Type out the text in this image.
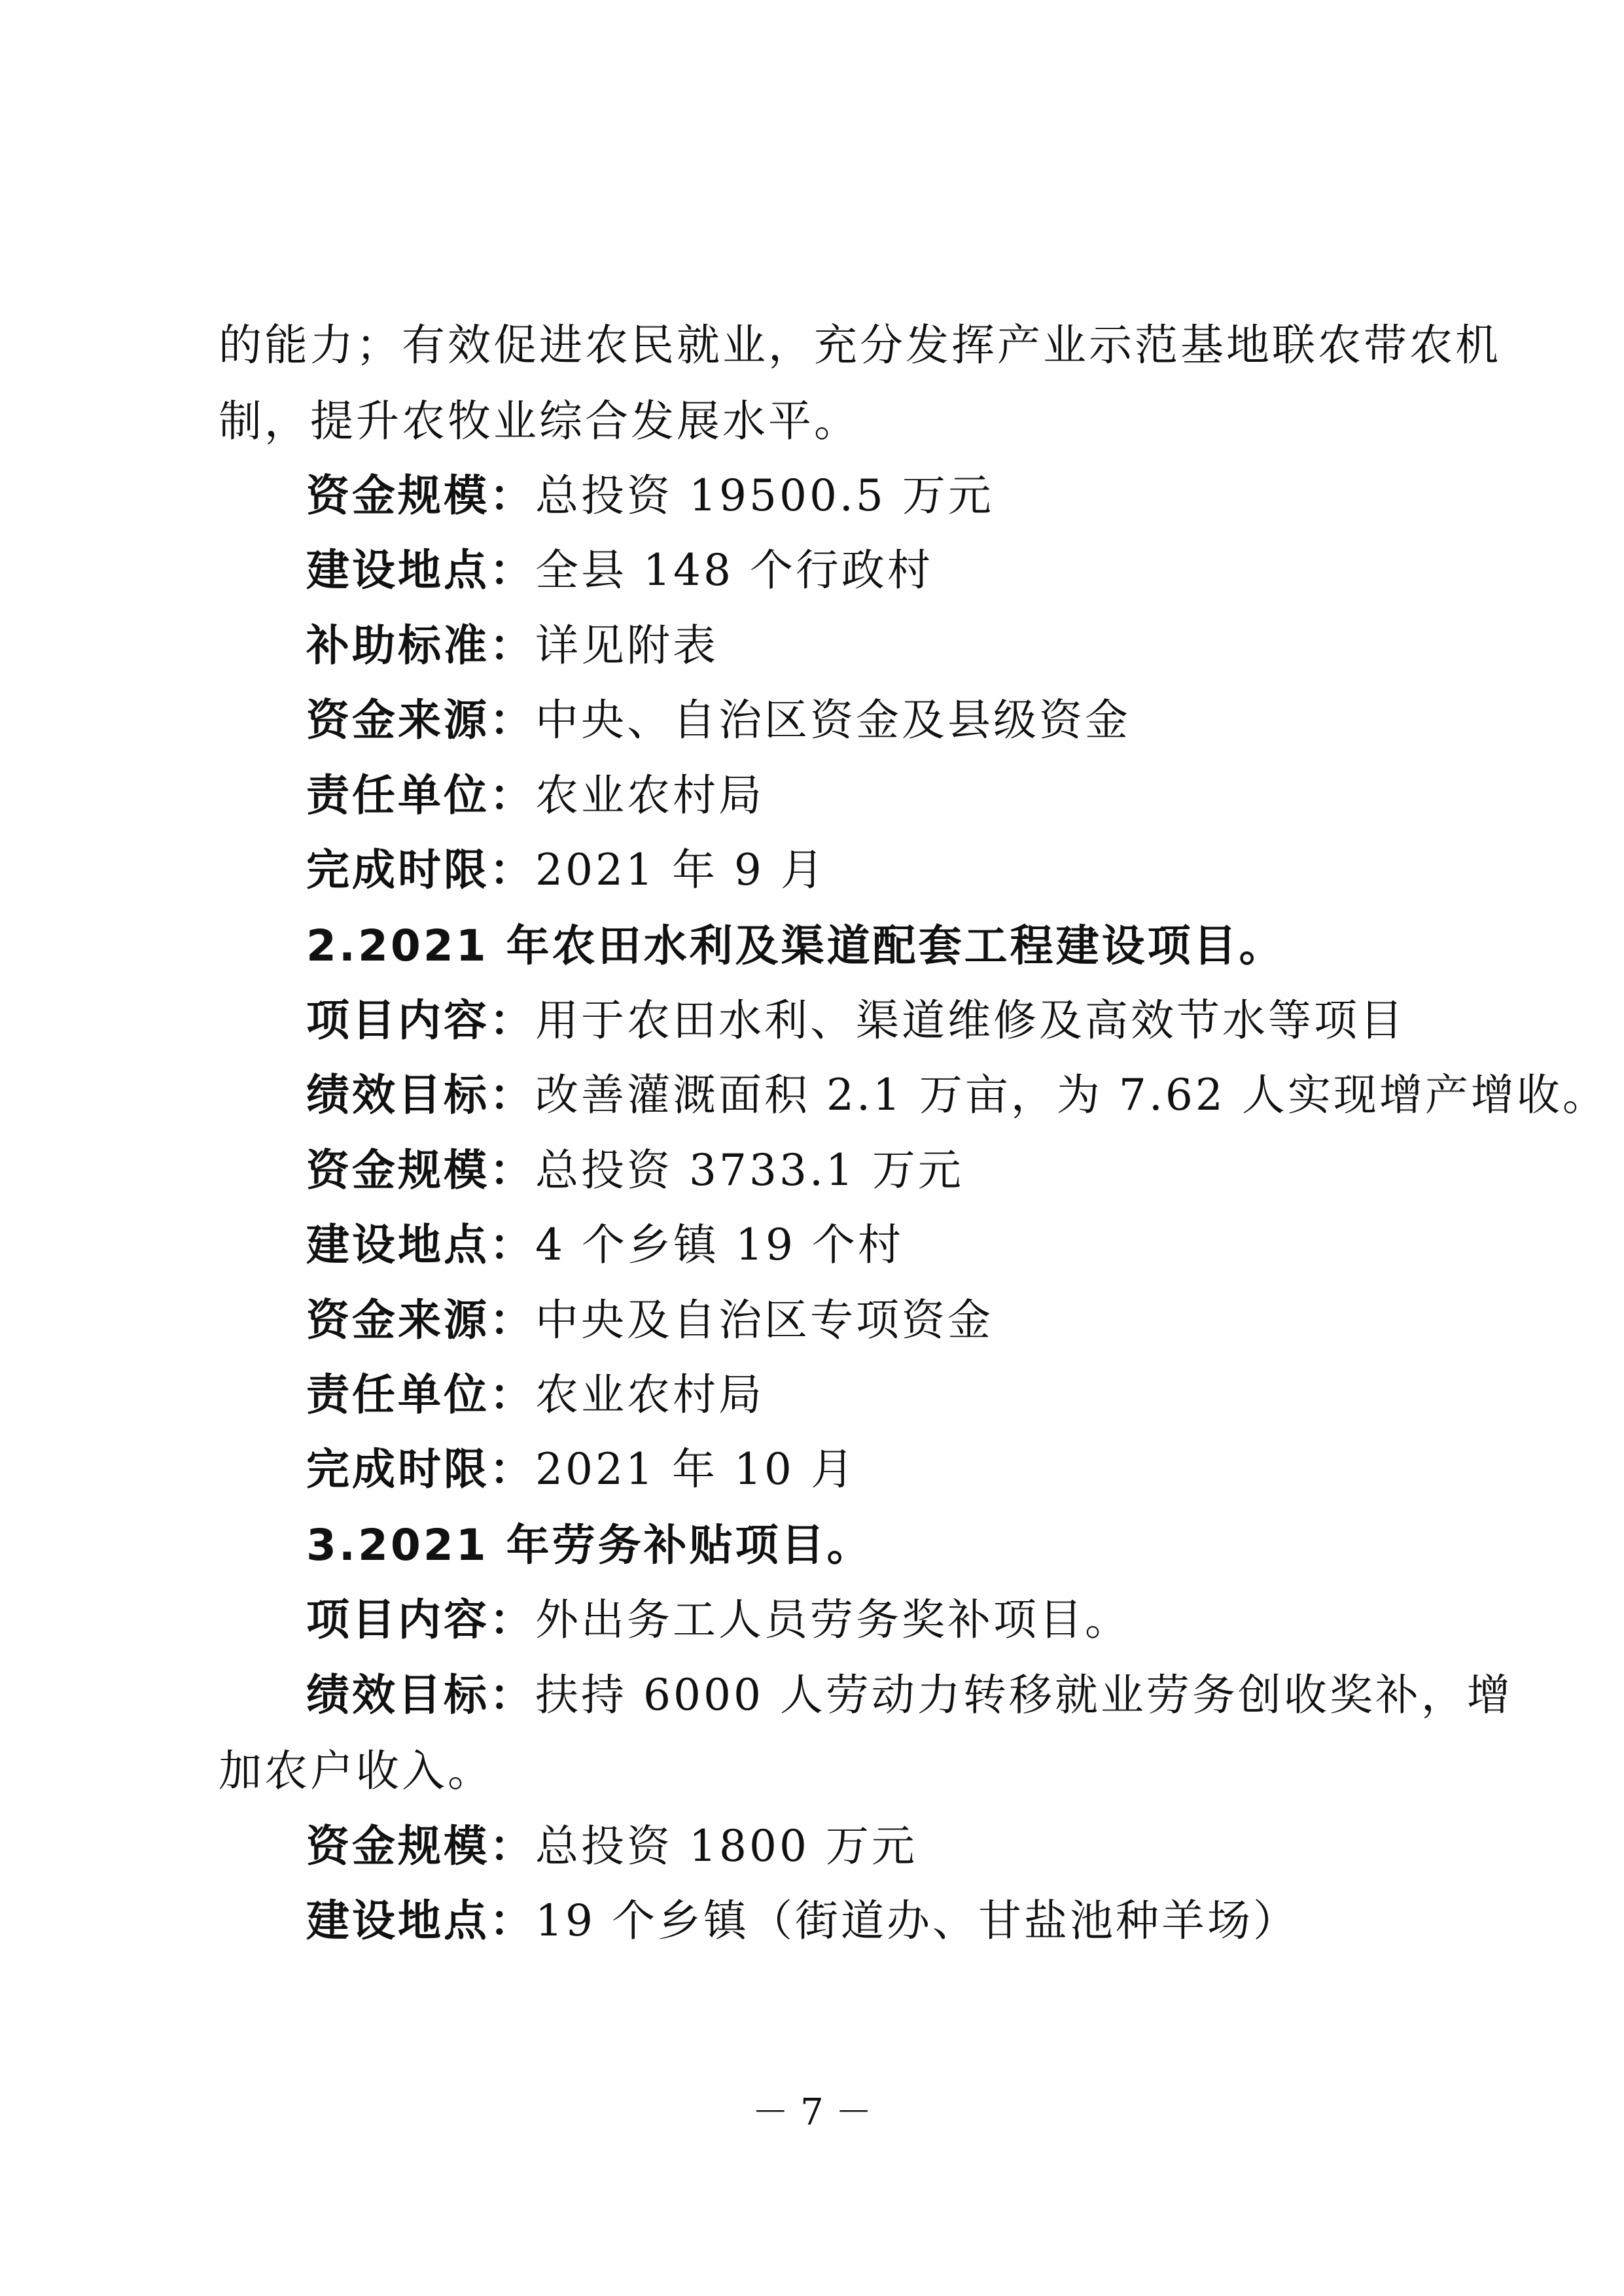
的能力；有效促进农民就业，充分发挥产业示范基地联农带农机
制，提升农牧业综合发展水平。
资金规模：总投资 19500.5 万元
建设地点：全县 148 个行政村
补助标准：详见附表
资金来源：中央、自治区资金及县级资金
责任单位：农业农村局
完成时限：2021 年 9 月
2.2021 年农田水利及渠道配套工程建设项目。
项目内容：用于农田水利、渠道维修及高效节水等项目
绩效目标：改善灌溉面积 2.1 万亩，为 7.62 人实现增产增收。
资金规模：总投资 3733.1 万元
建设地点：4 个乡镇 19 个村
资金来源：中央及自治区专项资金
责任单位：农业农村局
完成时限：2021 年 10 月
3.2021 年劳务补贴项目。
项目内容：外出务工人员劳务奖补项目。
绩效目标：扶持 6000 人劳动力转移就业劳务创收奖补，增
加农户收入。
资金规模：总投资 1800 万元
建设地点：19 个乡镇（街道办、甘盐池种羊场）
－ 7 －
